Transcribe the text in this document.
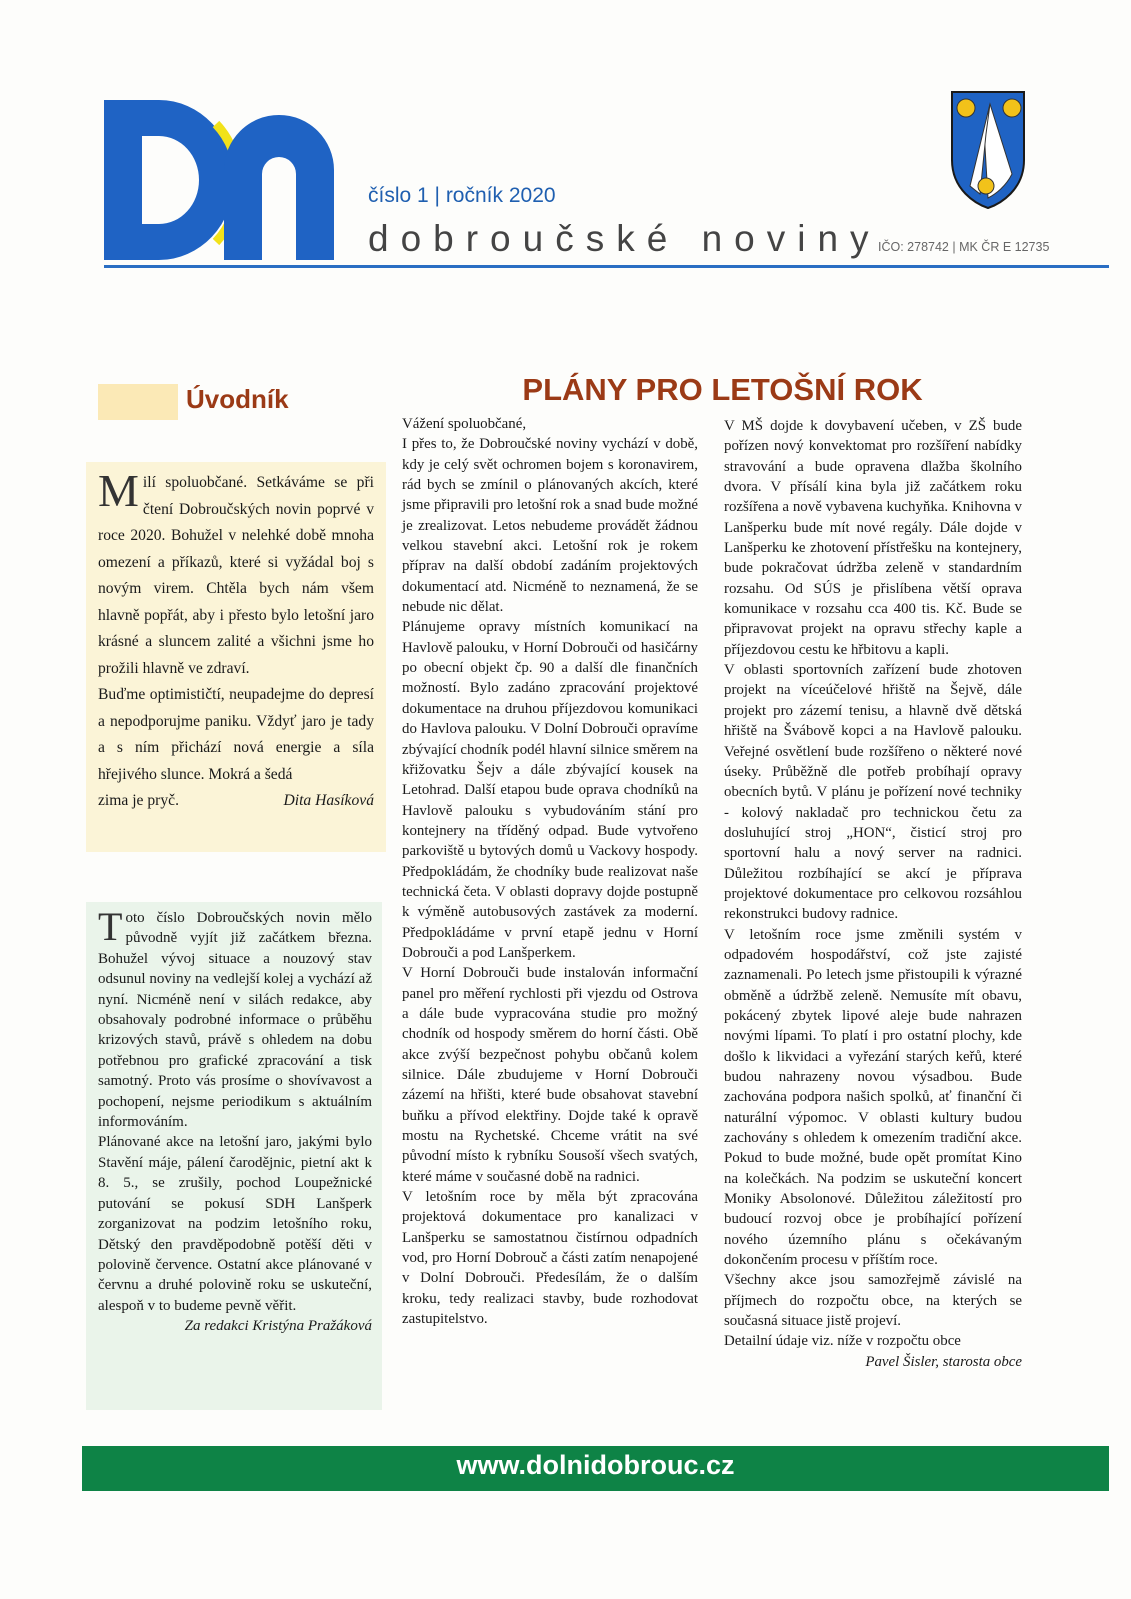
číslo 1 | ročník 2020
dobroučské noviny
IČO: 278742 | MK ČR E 12735
Úvodník

Milí spoluobčané. Setkáváme se při čtení Dobroučských novin poprvé v roce 2020. Bohužel v nelehké době mnoha omezení a příkazů, které si vyžádal boj s novým virem. Chtěla bych nám všem hlavně popřát, aby i přesto bylo letošní jaro krásné a sluncem zalité a všichni jsme ho prožili hlavně ve zdraví.

Buďme optimističtí, neupadejme do depresí a nepodporujme paniku. Vždyť jaro je tady a s ním přichází nová energie a síla hřejivého slunce. Mokrá a šedá

zima je pryč.	Dita Hasíková

Toto číslo Dobroučských novin mělo původně vyjít již začátkem března. Bohužel vývoj situace a nouzový stav odsunul noviny na vedlejší kolej a vychází až nyní. Nicméně není v silách redakce, aby obsahovaly podrobné informace o průběhu krizových stavů, právě s ohledem na dobu potřebnou pro grafické zpracování a tisk samotný. Proto vás prosíme o shovívavost a pochopení, nejsme periodikum s aktuálním informováním.

Plánované akce na letošní jaro, jakými bylo Stavění máje, pálení čarodějnic, pietní akt k 8. 5., se zrušily, pochod Loupežnické putování se pokusí SDH Lanšperk zorganizovat na podzim letošního roku, Dětský den pravděpodobně potěší děti v polovině července. Ostatní akce plánované v červnu a druhé polovině roku se uskuteční, alespoň v to budeme pevně věřit.

Za redakci Kristýna Pražáková
PLÁNY PRO LETOŠNÍ ROK

Vážení spoluobčané,

I přes to, že Dobroučské noviny vychází v době, kdy je celý svět ochromen bojem s koronavirem, rád bych se zmínil o plánovaných akcích, které jsme připravili pro letošní rok a snad bude možné je zrealizovat. Letos nebudeme provádět žádnou velkou stavební akci. Letošní rok je rokem příprav na další období zadáním projektových dokumentací atd. Nicméně to neznamená, že se nebude nic dělat.

Plánujeme opravy místních komunikací na Havlově palouku, v Horní Dobrouči od hasičárny po obecní objekt čp. 90 a další dle finančních možností. Bylo zadáno zpracování projektové dokumentace na druhou příjezdovou komunikaci do Havlova palouku. V Dolní Dobrouči opravíme zbývající chodník podél hlavní silnice směrem na křižovatku Šejv a dále zbývající kousek na Letohrad. Další etapou bude oprava chodníků na Havlově palouku s vybudováním stání pro kontejnery na tříděný odpad. Bude vytvořeno parkoviště u bytových domů u Vackovy hospody. Předpokládám, že chodníky bude realizovat naše technická četa. V oblasti dopravy dojde postupně k výměně autobusových zastávek za moderní. Předpokládáme v první etapě jednu v Horní Dobrouči a pod Lanšperkem.

V Horní Dobrouči bude instalován informační panel pro měření rychlosti při vjezdu od Ostrova a dále bude vypracována studie pro možný chodník od hospody směrem do horní části. Obě akce zvýší bezpečnost pohybu občanů kolem silnice. Dále zbudujeme v Horní Dobrouči zázemí na hřišti, které bude obsahovat stavební buňku a přívod elektřiny. Dojde také k opravě mostu na Rychetské. Chceme vrátit na své původní místo k rybníku Sousoší všech svatých, které máme v současné době na radnici.

V letošním roce by měla být zpracována projektová dokumentace pro kanalizaci v Lanšperku se samostatnou čistírnou odpadních vod, pro Horní Dobrouč a části zatím nenapojené v Dolní Dobrouči. Předesílám, že o dalším kroku, tedy realizaci stavby, bude rozhodovat zastupitelstvo.

V MŠ dojde k dovybavení učeben, v ZŠ bude pořízen nový konvektomat pro rozšíření nabídky stravování a bude opravena dlažba školního dvora. V přísálí kina byla již začátkem roku rozšířena a nově vybavena kuchyňka. Knihovna v Lanšperku bude mít nové regály. Dále dojde v Lanšperku ke zhotovení přístřešku na kontejnery, bude pokračovat údržba zeleně v standardním rozsahu. Od SÚS je přislíbena větší oprava komunikace v rozsahu cca 400 tis. Kč. Bude se připravovat projekt na opravu střechy kaple a příjezdovou cestu ke hřbitovu a kapli.

V oblasti sportovních zařízení bude zhotoven projekt na víceúčelové hřiště na Šejvě, dále projekt pro zázemí tenisu, a hlavně dvě dětská hřiště na Švábově kopci a na Havlově palouku. Veřejné osvětlení bude rozšířeno o některé nové úseky. Průběžně dle potřeb probíhají opravy obecních bytů. V plánu je pořízení nové techniky - kolový nakladač pro technickou četu za dosluhující stroj „HON“, čisticí stroj pro sportovní halu a nový server na radnici. Důležitou rozbíhající se akcí je příprava projektové dokumentace pro celkovou rozsáhlou rekonstrukci budovy radnice.

V letošním roce jsme změnili systém v odpadovém hospodářství, což jste zajisté zaznamenali. Po letech jsme přistoupili k výrazné obměně a údržbě zeleně. Nemusíte mít obavu, pokácený zbytek lipové aleje bude nahrazen novými lípami. To platí i pro ostatní plochy, kde došlo k likvidaci a vyřezání starých keřů, které budou nahrazeny novou výsadbou. Bude zachována podpora našich spolků, ať finanční či naturální výpomoc. V oblasti kultury budou zachovány s ohledem k omezením tradiční akce. Pokud to bude možné, bude opět promítat Kino na kolečkách. Na podzim se uskuteční koncert Moniky Absolonové. Důležitou záležitostí pro budoucí rozvoj obce je probíhající pořízení nového územního plánu s očekávaným dokončením procesu v příštím roce.

Všechny akce jsou samozřejmě závislé na příjmech do rozpočtu obce, na kterých se současná situace jistě projeví.

Detailní údaje viz. níže v rozpočtu obce

Pavel Šisler, starosta obce
www.dolnidobrouc.cz
